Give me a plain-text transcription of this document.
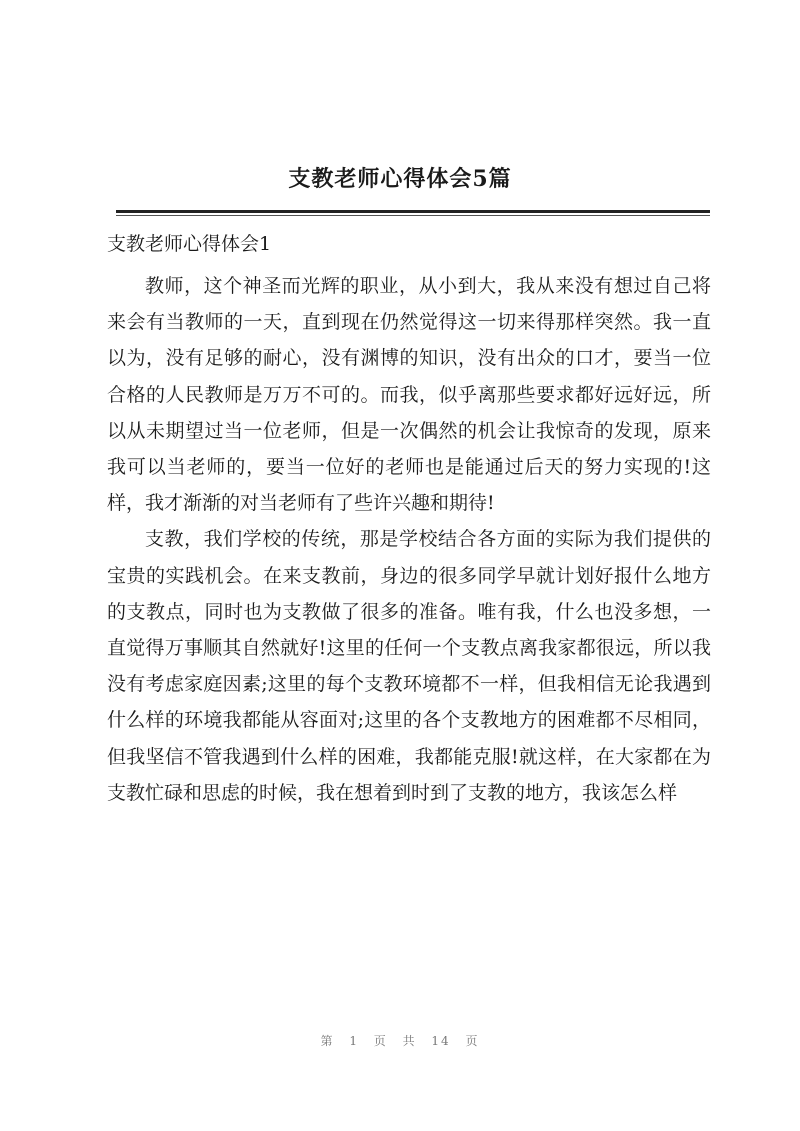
支教老师心得体会5篇
支教老师心得体会1

教师，这个神圣而光辉的职业，从小到大，我从来没有想过自己将来会有当教师的一天，直到现在仍然觉得这一切来得那样突然。我一直以为，没有足够的耐心，没有渊博的知识，没有出众的口才，要当一位合格的人民教师是万万不可的。而我，似乎离那些要求都好远好远，所以从未期望过当一位老师，但是一次偶然的机会让我惊奇的发现，原来我可以当老师的，要当一位好的老师也是能通过后天的努力实现的!这样，我才渐渐的对当老师有了些许兴趣和期待!

支教，我们学校的传统，那是学校结合各方面的实际为我们提供的宝贵的实践机会。在来支教前，身边的很多同学早就计划好报什么地方的支教点，同时也为支教做了很多的准备。唯有我，什么也没多想，一直觉得万事顺其自然就好!这里的任何一个支教点离我家都很远，所以我没有考虑家庭因素;这里的每个支教环境都不一样，但我相信无论我遇到什么样的环境我都能从容面对;这里的各个支教地方的困难都不尽相同，但我坚信不管我遇到什么样的困难，我都能克服!就这样，在大家都在为支教忙碌和思虑的时候，我在想着到时到了支教的地方，我该怎么样

第 1 页 共 14 页
